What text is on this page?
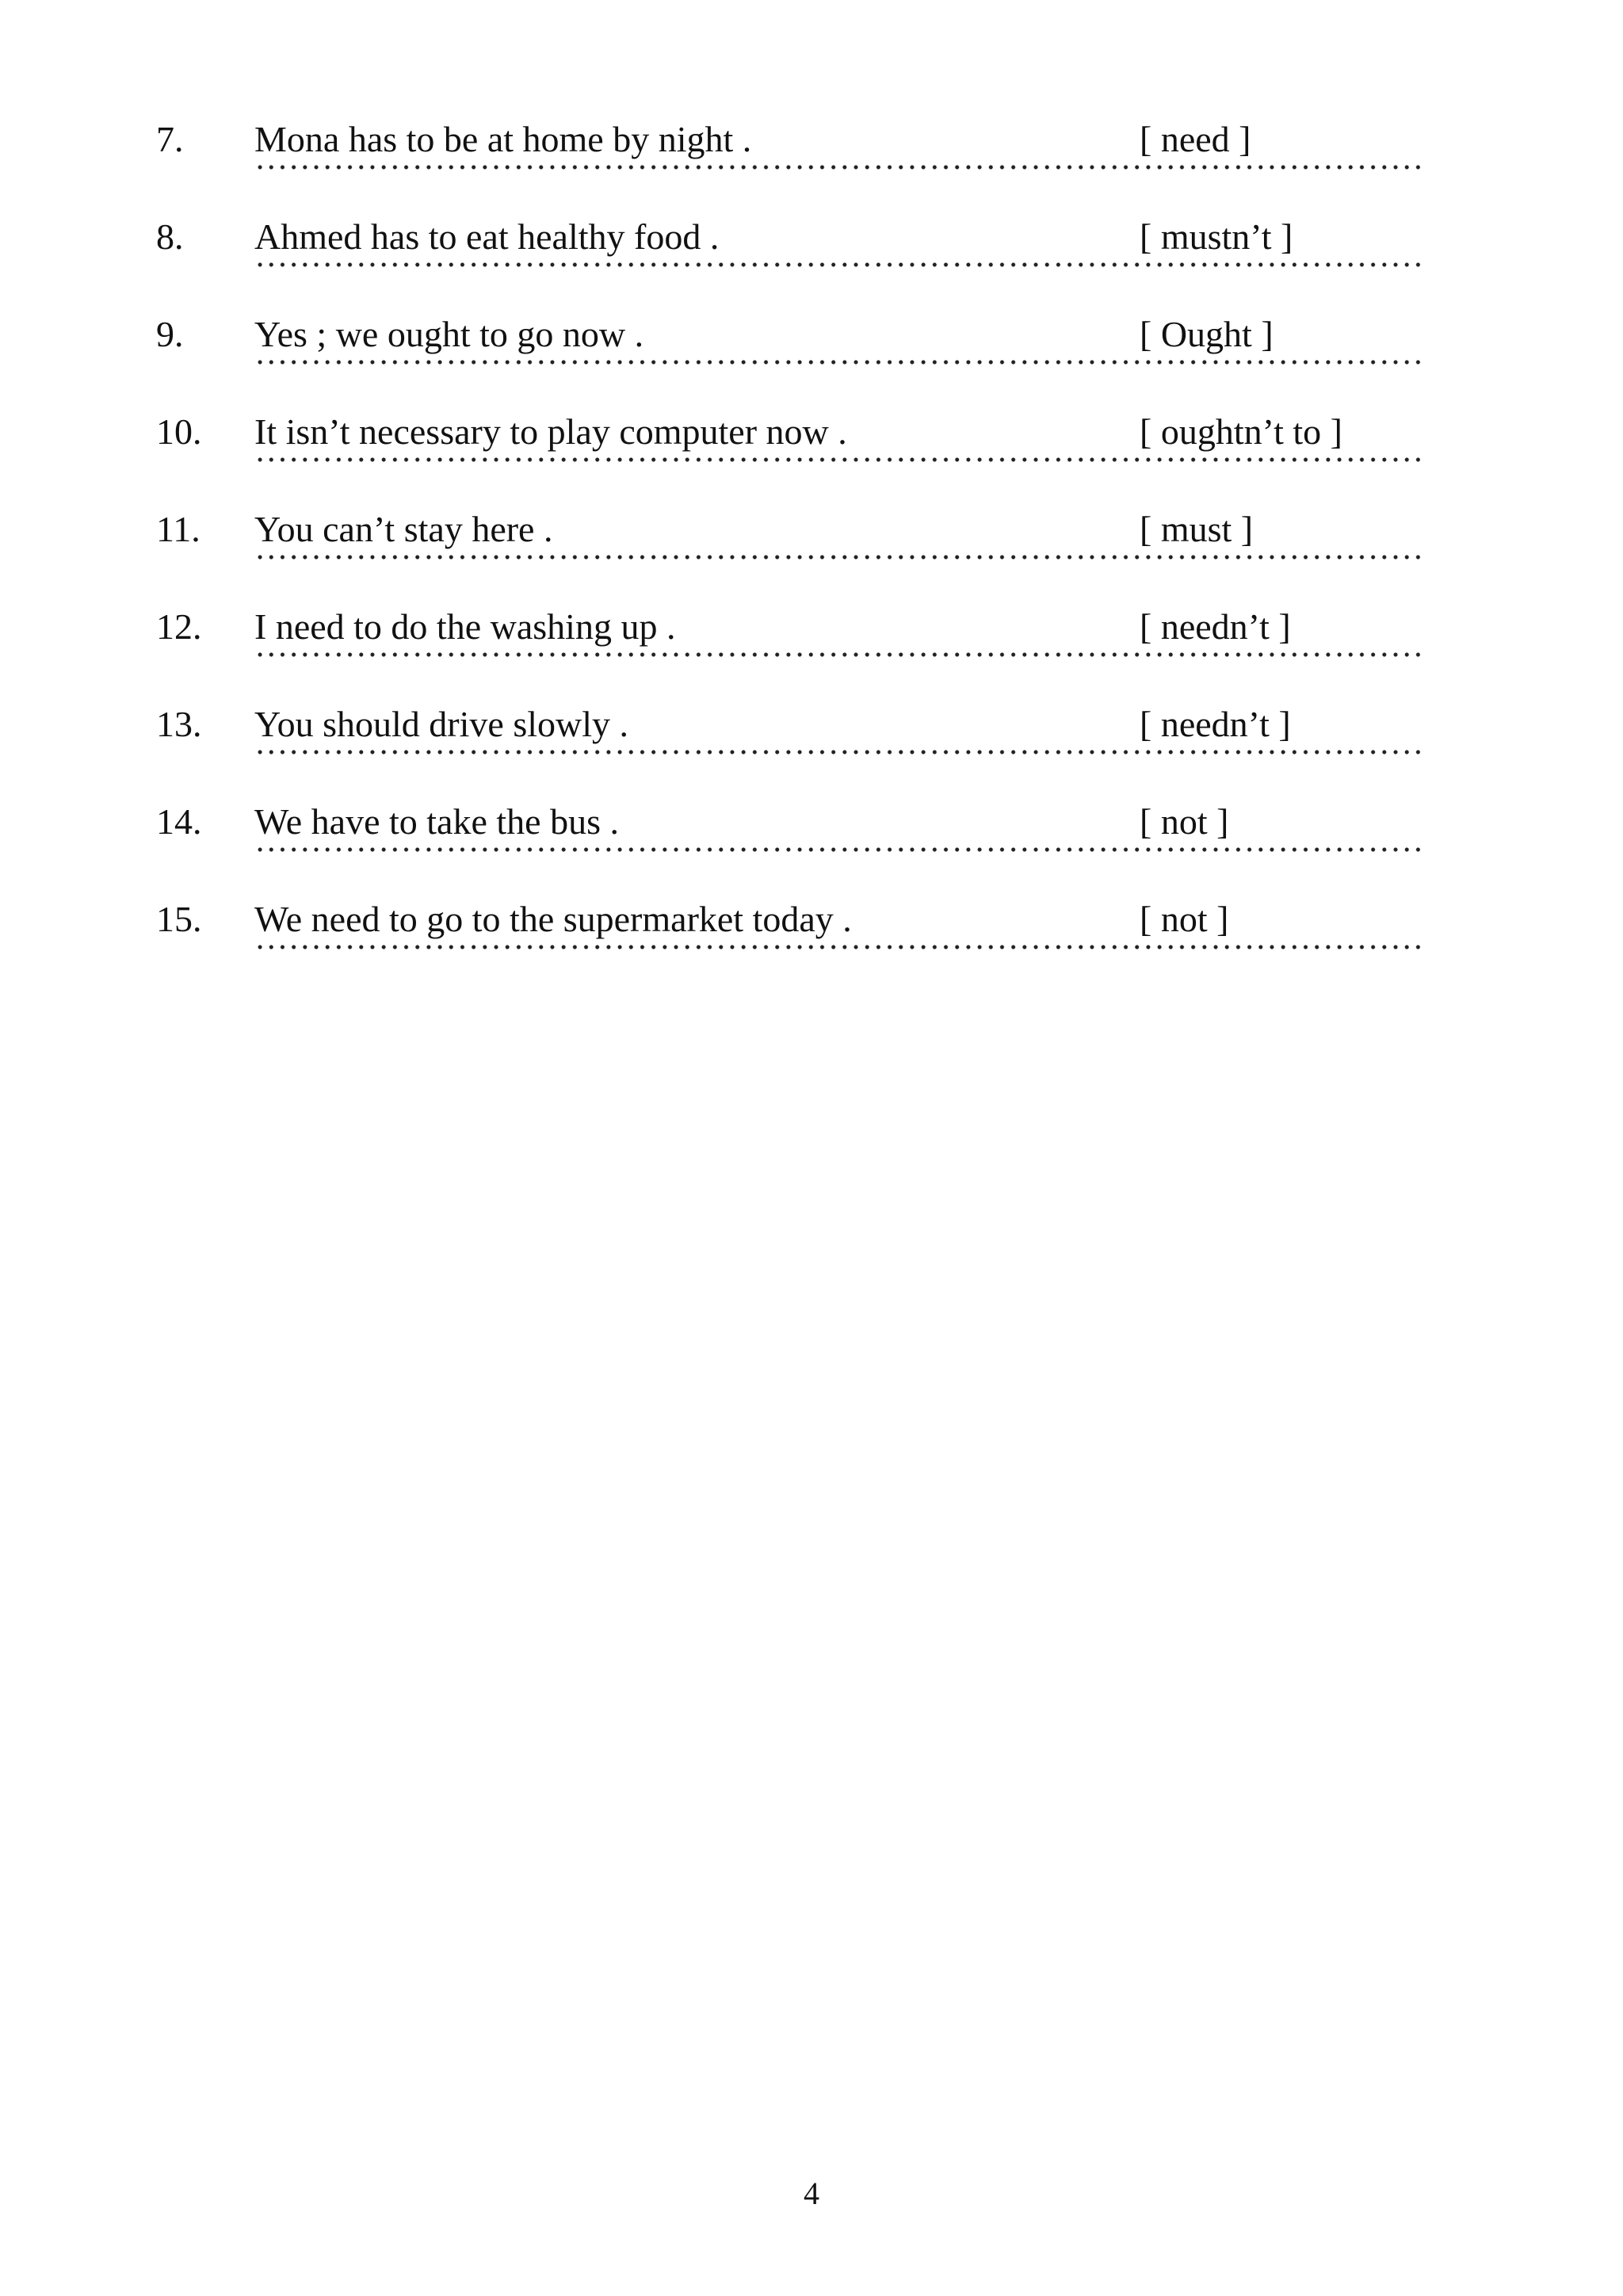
7. Mona has to be at home by night .	[ need ]
8. Ahmed has to eat healthy food .	[ mustn’t ]
9. Yes ; we ought to go now .	[ Ought ]
10. It isn’t necessary to play computer now .	[ oughtn’t to ]
11. You can’t stay here .	[ must ]
12. I need to do the washing up .	[ needn’t ]
13. You should drive slowly .	[ needn’t ]
14. We have to take the bus .	[ not ]
15. We need to go to the supermarket today .	[ not ]
4
